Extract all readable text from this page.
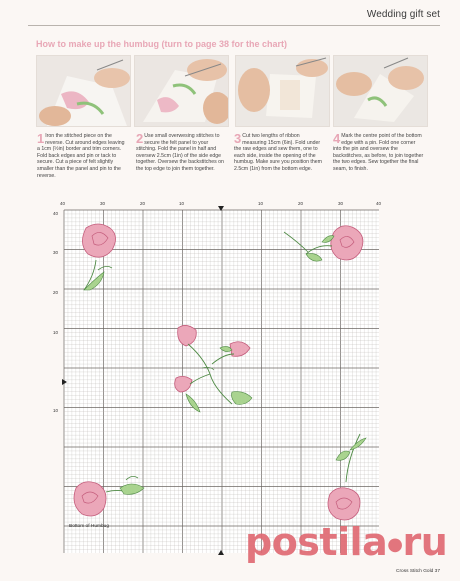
Wedding gift set
How to make up the humbug (turn to page 38 for the chart)
1 Iron the stitched piece on the reverse. Cut around edges leaving a 1cm (½in) border and trim corners. Fold back edges and pin or tack to secure. Cut a piece of felt slightly smaller than the panel and pin to the reverse.
2 Use small overwesing stitches to secure the felt panel to your stitching. Fold the panel in half and oversew 2.5cm (1in) of the side edge together. Oversew the backstitches on the top edge to join them together.
3 Cut two lengths of ribbon measuring 15cm (6in). Fold under the raw edges and sew them, one to each side, inside the opening of the humbug. Make sure you position them 2.5cm (1in) from the bottom edge.
4 Mark the centre point of the bottom edge with a pin. Fold one corner into the pin and oversew the backstitches, as before, to join together the two edges. Sew together the final seam, to finish.
40	30	20	10	10	20	30	40
40
30
20
10
10
Bottom of Humbug
Cross Stitch Gold 37
postila●ru
